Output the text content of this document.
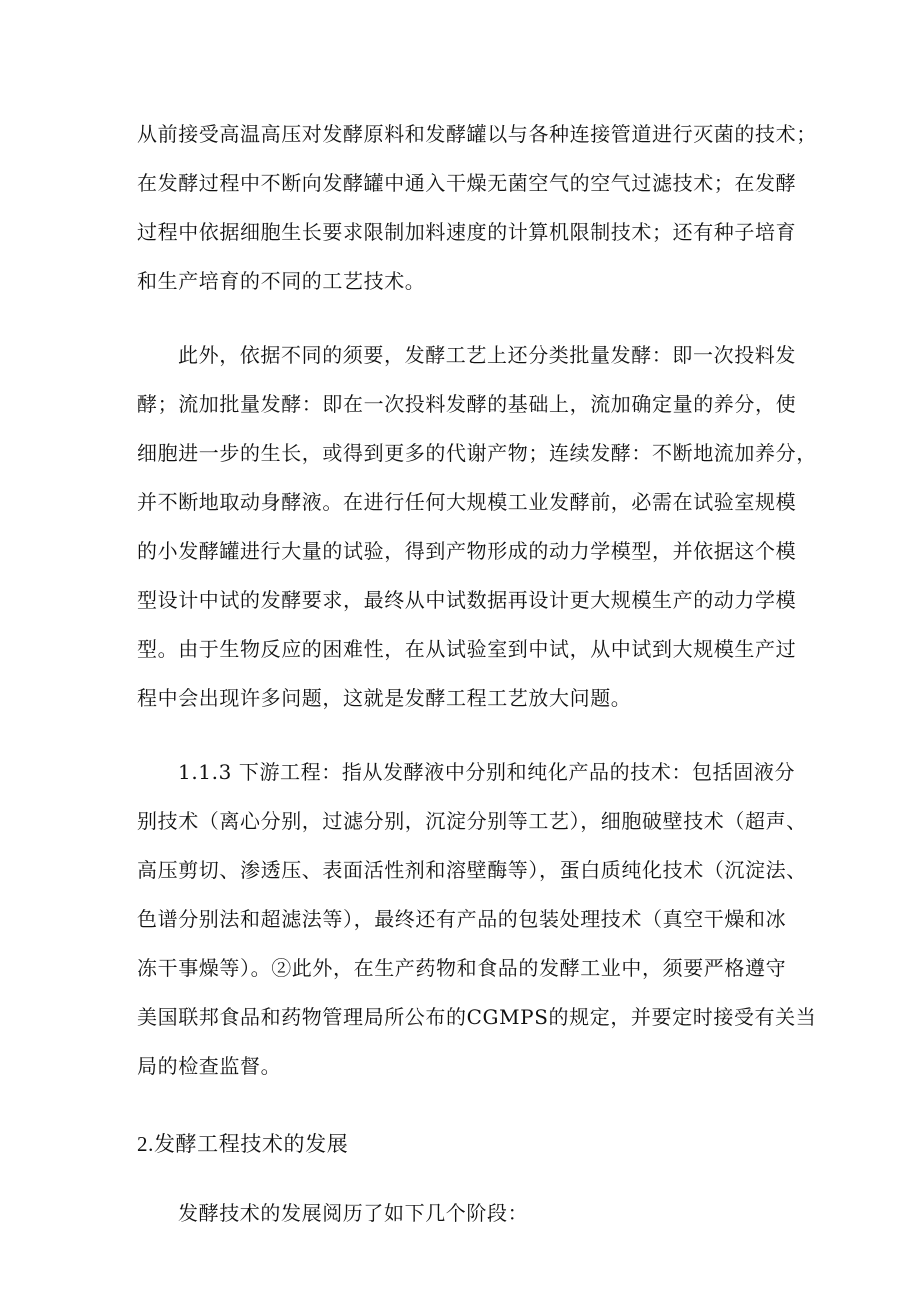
从前接受高温高压对发酵原料和发酵罐以与各种连接管道进行灭菌的技术；
在发酵过程中不断向发酵罐中通入干燥无菌空气的空气过滤技术；在发酵
过程中依据细胞生长要求限制加料速度的计算机限制技术；还有种子培育
和生产培育的不同的工艺技术。
此外，依据不同的须要，发酵工艺上还分类批量发酵：即一次投料发
酵；流加批量发酵：即在一次投料发酵的基础上，流加确定量的养分，使
细胞进一步的生长，或得到更多的代谢产物；连续发酵：不断地流加养分，
并不断地取动身酵液。在进行任何大规模工业发酵前，必需在试验室规模
的小发酵罐进行大量的试验，得到产物形成的动力学模型，并依据这个模
型设计中试的发酵要求，最终从中试数据再设计更大规模生产的动力学模
型。由于生物反应的困难性，在从试验室到中试，从中试到大规模生产过
程中会出现许多问题，这就是发酵工程工艺放大问题。
1.1.3 下游工程：指从发酵液中分别和纯化产品的技术：包括固液分
别技术（离心分别，过滤分别，沉淀分别等工艺），细胞破壁技术（超声、
高压剪切、渗透压、表面活性剂和溶壁酶等），蛋白质纯化技术（沉淀法、
色谱分别法和超滤法等），最终还有产品的包装处理技术（真空干燥和冰
冻干事燥等）。②此外，在生产药物和食品的发酵工业中，须要严格遵守
美国联邦食品和药物管理局所公布的CGMPS的规定，并要定时接受有关当
局的检查监督。
2.发酵工程技术的发展
发酵技术的发展阅历了如下几个阶段：
